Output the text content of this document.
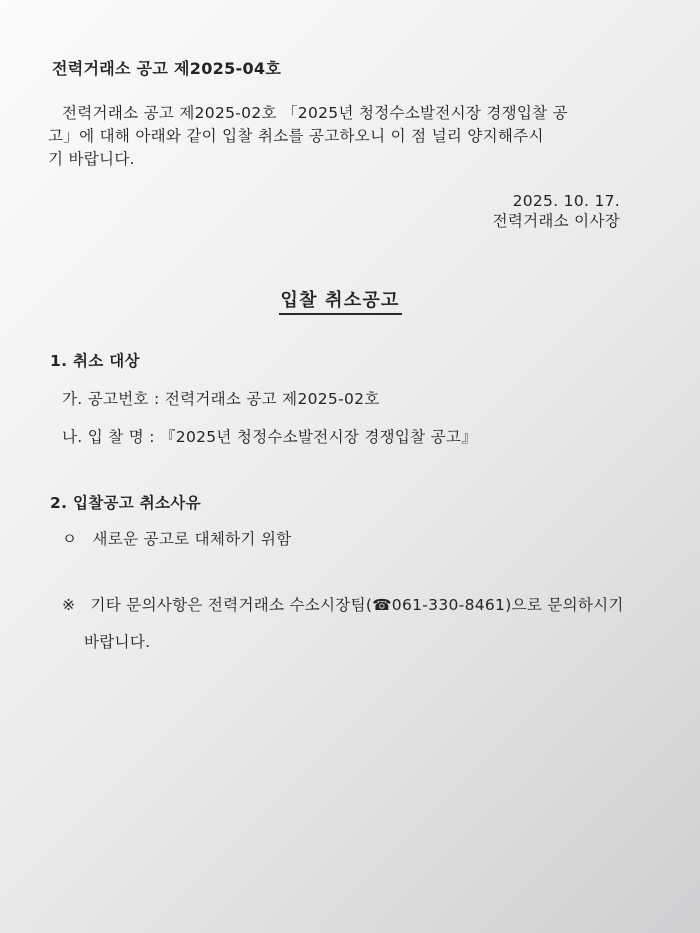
전력거래소 공고 제2025-04호
전력거래소 공고 제2025-02호 「2025년 청정수소발전시장 경쟁입찰 공
고」에 대해 아래와 같이 입찰 취소를 공고하오니 이 점 널리 양지해주시
기 바랍니다.
2025. 10. 17.
전력거래소 이사장
입찰 취소공고
1. 취소 대상
가. 공고번호 : 전력거래소 공고 제2025-02호
나. 입 찰 명 : 『2025년 청정수소발전시장 경쟁입찰 공고』
2. 입찰공고 취소사유
ㅇ 새로운 공고로 대체하기 위함
※ 기타 문의사항은 전력거래소 수소시장팀(☎061-330-8461)으로 문의하시기
바랍니다.
